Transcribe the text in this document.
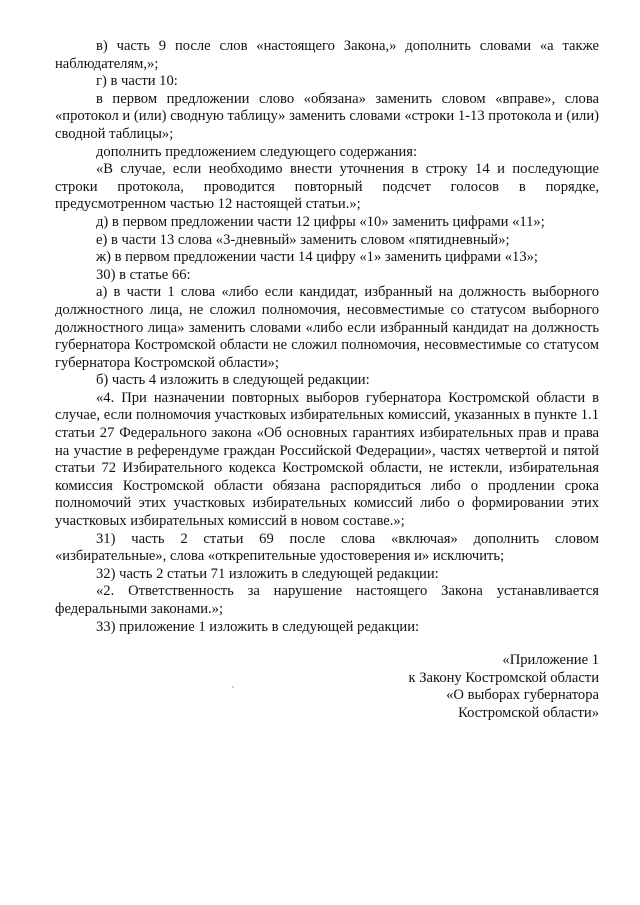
в) часть 9 после слов «настоящего Закона,» дополнить словами «а также наблюдателям,»;

г) в части 10:

в первом предложении слово «обязана» заменить словом «вправе», слова «протокол и (или) сводную таблицу» заменить словами «строки 1-13 протокола и (или) сводной таблицы»;

дополнить предложением следующего содержания:

«В случае, если необходимо внести уточнения в строку 14 и последующие строки протокола, проводится повторный подсчет голосов в порядке, предусмотренном частью 12 настоящей статьи.»;

д) в первом предложении части 12 цифры «10» заменить цифрами «11»;

е) в части 13 слова «3-дневный» заменить словом «пятидневный»;

ж) в первом предложении части 14 цифру «1» заменить цифрами «13»;

30) в статье 66:

а) в части 1 слова «либо если кандидат, избранный на должность выборного должностного лица, не сложил полномочия, несовместимые со статусом выборного должностного лица» заменить словами «либо если избранный кандидат на должность губернатора Костромской области не сложил полномочия, несовместимые со статусом губернатора Костромской области»;

б) часть 4 изложить в следующей редакции:

«4. При назначении повторных выборов губернатора Костромской области в случае, если полномочия участковых избирательных комиссий, указанных в пункте 1.1 статьи 27 Федерального закона «Об основных гарантиях избирательных прав и права на участие в референдуме граждан Российской Федерации», частях четвертой и пятой статьи 72 Избирательного кодекса Костромской области, не истекли, избирательная комиссия Костромской области обязана распорядиться либо о продлении срока полномочий этих участковых избирательных комиссий либо о формировании этих участковых избирательных комиссий в новом составе.»;

31) часть 2 статьи 69 после слова «включая» дополнить словом «избирательные», слова «открепительные удостоверения и» исключить;

32) часть 2 статьи 71 изложить в следующей редакции:

«2. Ответственность за нарушение настоящего Закона устанавливается федеральными законами.»;

33) приложение 1 изложить в следующей редакции:

«Приложение 1
к Закону Костромской области
«О выборах губернатора
Костромской области»
